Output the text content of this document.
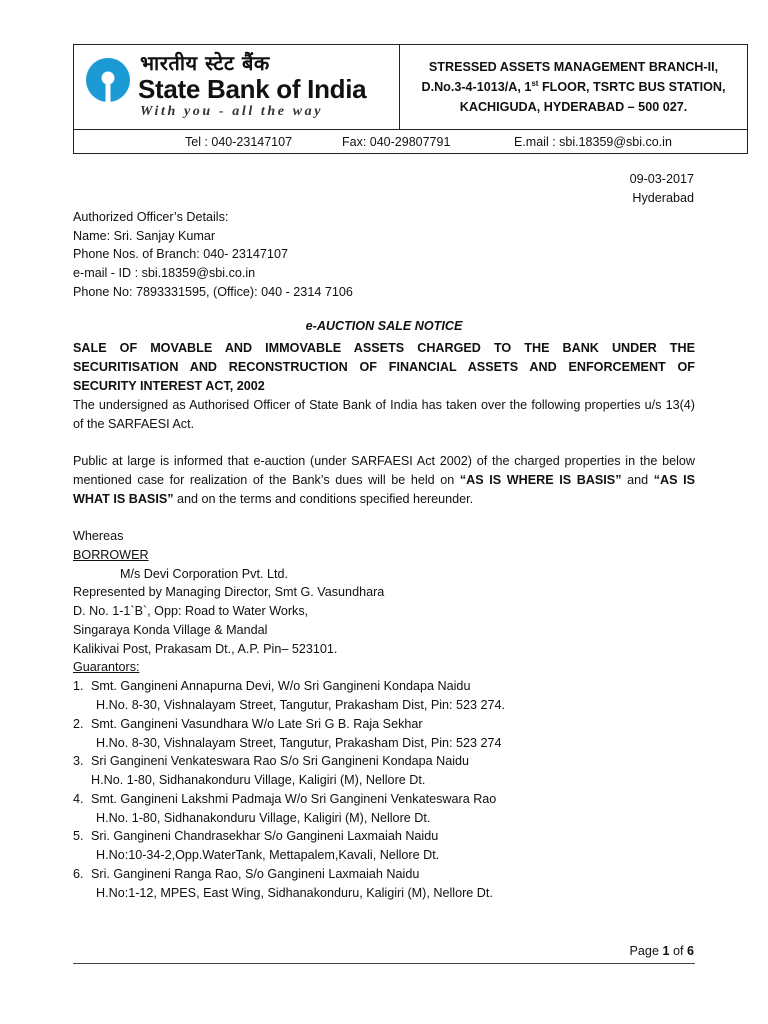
भारतीय स्टेट बैंक
State Bank of India
With you - all the way
STRESSED ASSETS MANAGEMENT BRANCH-II,
D.No.3-4-1013/A, 1st FLOOR, TSRTC BUS STATION,
KACHIGUDA, HYDERABAD – 500 027.
Tel : 040-23147107	Fax: 040-29807791	E.mail : sbi.18359@sbi.co.in
09-03-2017
Hyderabad
Authorized Officer’s Details:
Name: Sri. Sanjay Kumar
Phone Nos. of Branch: 040- 23147107
e-mail - ID : sbi.18359@sbi.co.in
Phone No: 7893331595, (Office): 040 - 2314 7106
e-AUCTION SALE NOTICE
SALE OF MOVABLE AND IMMOVABLE ASSETS CHARGED TO THE BANK UNDER THE SECURITISATION AND RECONSTRUCTION OF FINANCIAL ASSETS AND ENFORCEMENT OF SECURITY INTEREST ACT, 2002
The undersigned as Authorised Officer of State Bank of India has taken over the following properties u/s 13(4) of the SARFAESI Act.
Public at large is informed that e-auction (under SARFAESI Act 2002) of the charged properties in the below mentioned case for realization of the Bank’s dues will be held on “AS IS WHERE IS BASIS” and “AS IS WHAT IS BASIS” and on the terms and conditions specified hereunder.
Whereas
BORROWER
M/s Devi Corporation Pvt. Ltd.
Represented by Managing Director, Smt G. Vasundhara
D. No. 1-1`B`, Opp: Road to Water Works,
Singaraya Konda Village & Mandal
Kalikivai Post, Prakasam Dt., A.P. Pin– 523101.
Guarantors:
1. Smt. Gangineni Annapurna Devi, W/o Sri Gangineni Kondapa Naidu
H.No. 8-30, Vishnalayam Street, Tangutur, Prakasham Dist, Pin: 523 274.
2. Smt. Gangineni Vasundhara W/o Late Sri G B. Raja Sekhar
H.No. 8-30, Vishnalayam Street, Tangutur, Prakasham Dist, Pin: 523 274
3. Sri Gangineni Venkateswara Rao S/o Sri Gangineni Kondapa Naidu
H.No. 1-80, Sidhanakonduru Village, Kaligiri (M), Nellore Dt.
4. Smt. Gangineni Lakshmi Padmaja W/o Sri Gangineni Venkateswara Rao
H.No. 1-80, Sidhanakonduru Village, Kaligiri (M), Nellore Dt.
5. Sri. Gangineni Chandrasekhar S/o Gangineni Laxmaiah Naidu
H.No:10-34-2,Opp.WaterTank, Mettapalem,Kavali, Nellore Dt.
6. Sri. Gangineni Ranga Rao, S/o Gangineni Laxmaiah Naidu
H.No:1-12, MPES, East Wing, Sidhanakonduru, Kaligiri (M), Nellore Dt.
Page 1 of 6
